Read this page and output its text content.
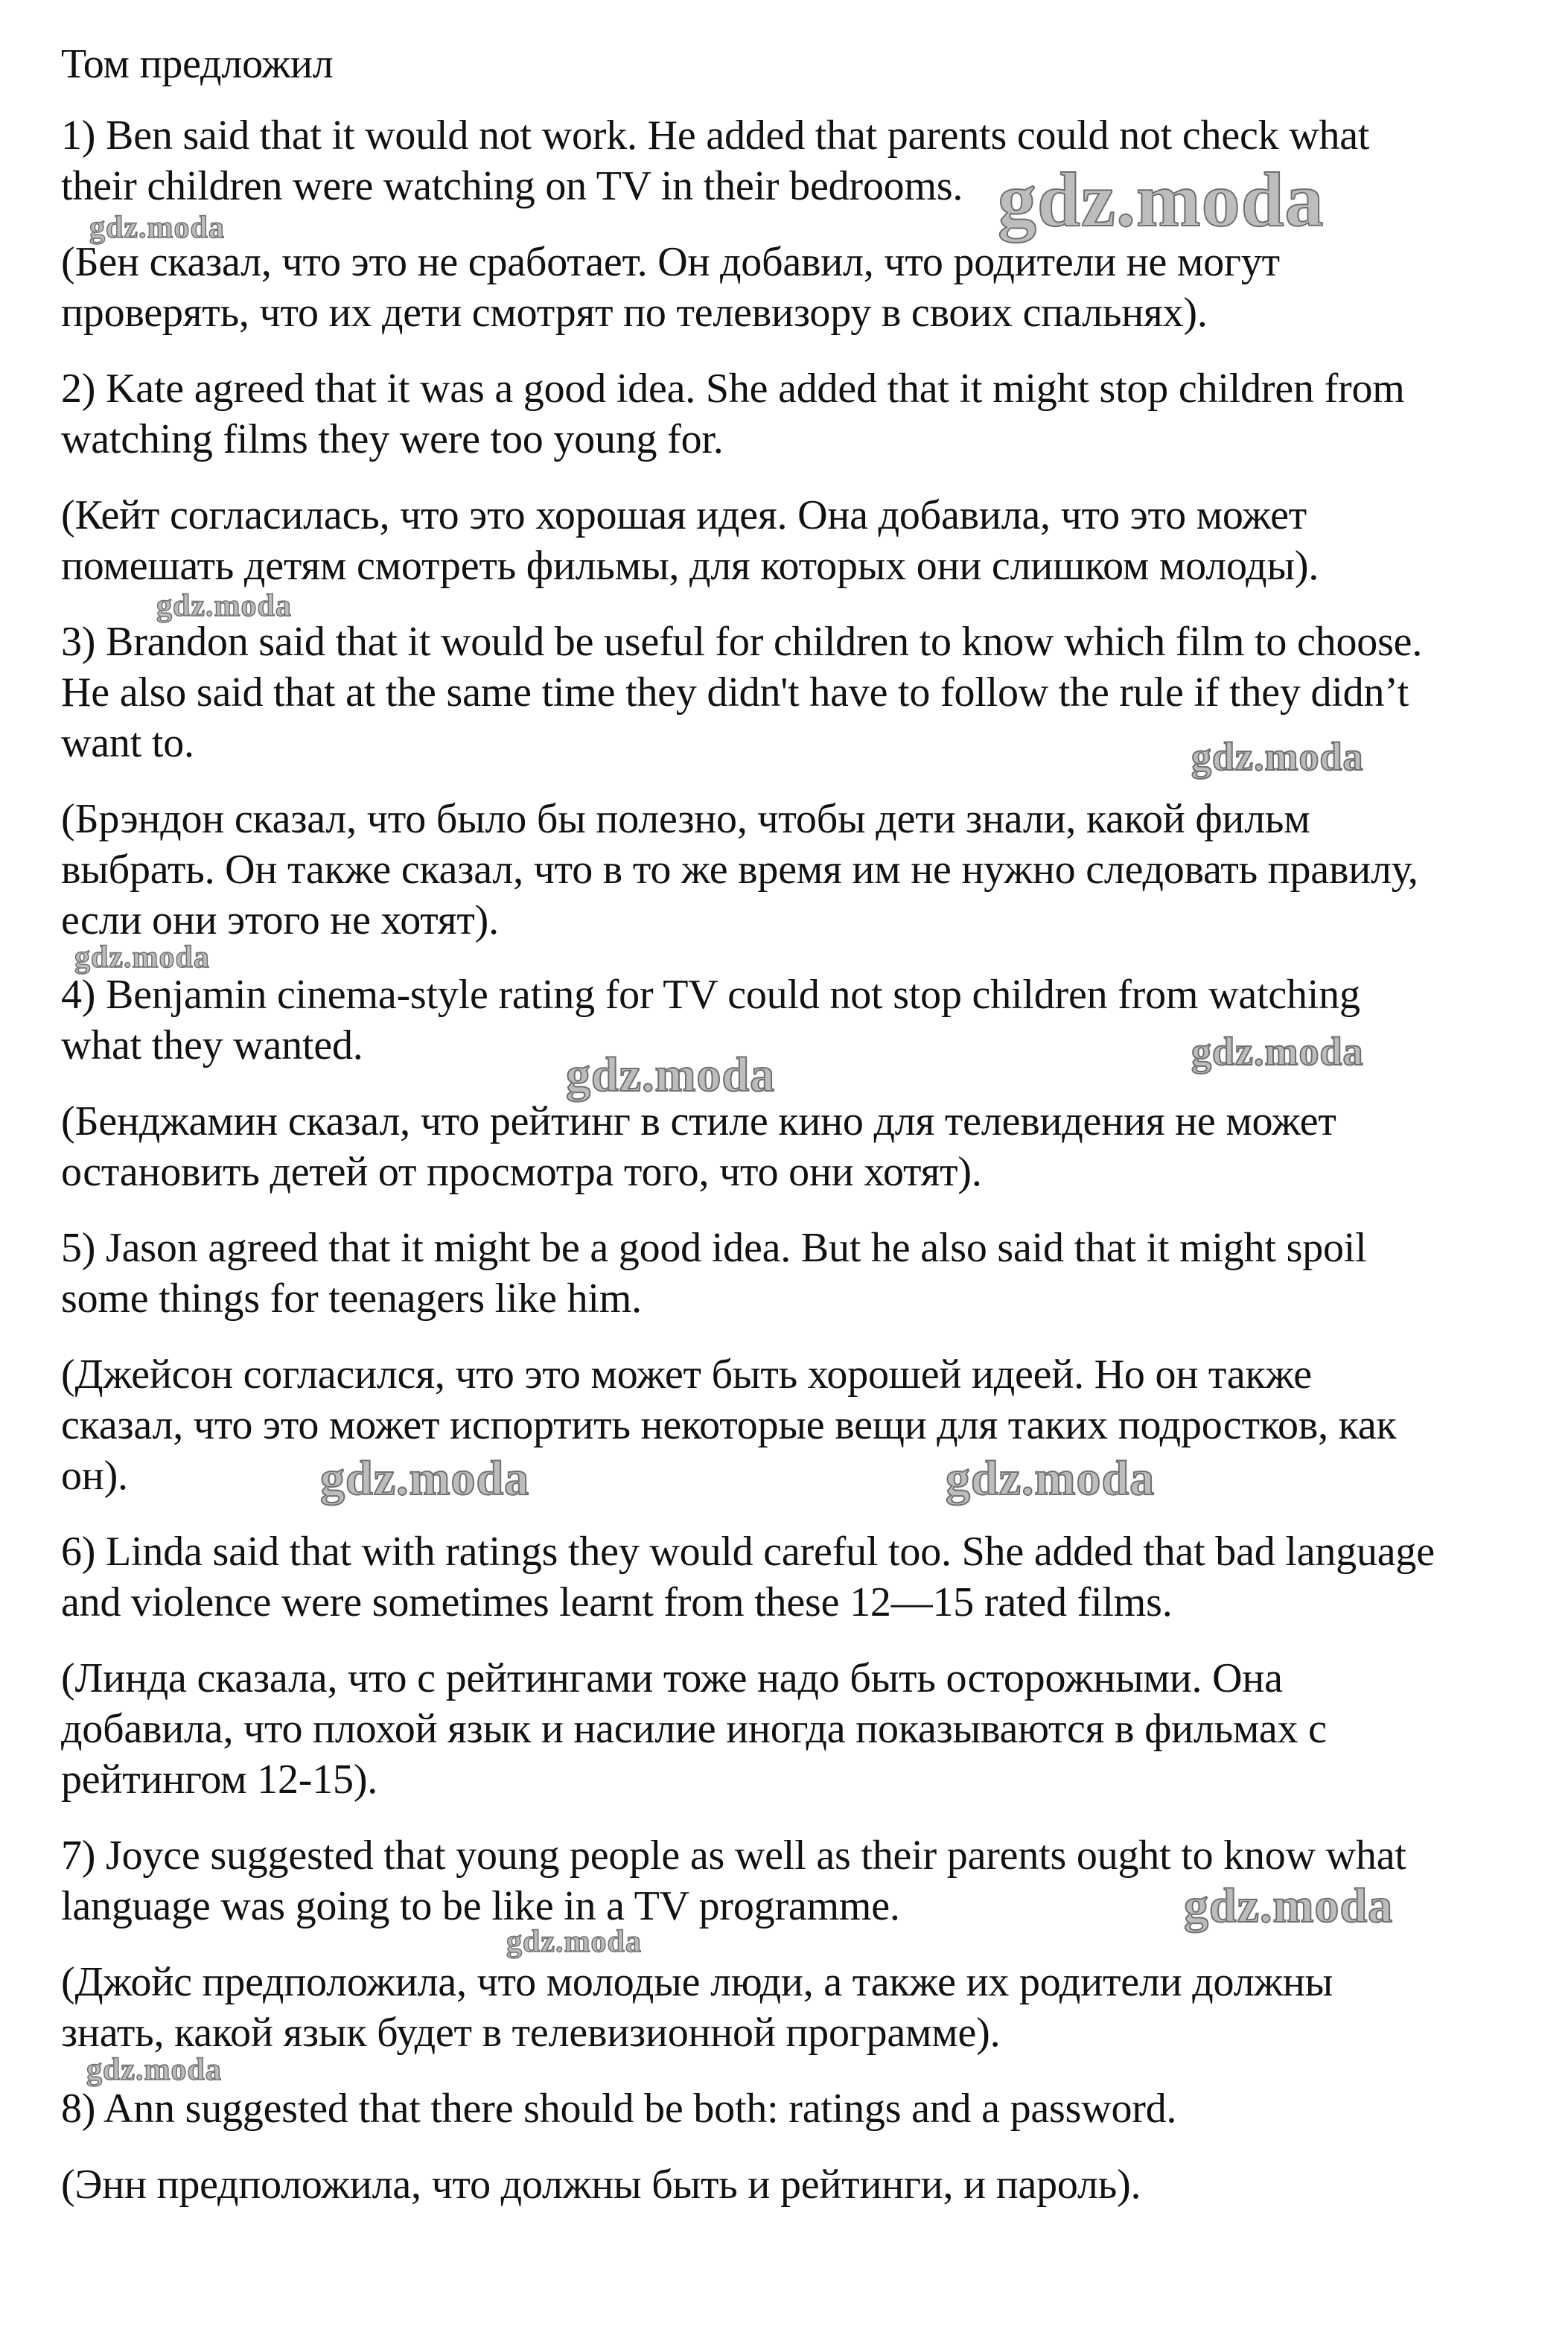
Том предложил
1) Ben said that it would not work. He added that parents could not check what
their children were watching on TV in their bedrooms.
(Бен сказал, что это не сработает. Он добавил, что родители не могут
проверять, что их дети смотрят по телевизору в своих спальнях).
2) Kate agreed that it was a good idea. She added that it might stop children from
watching films they were too young for.
(Кейт согласилась, что это хорошая идея. Она добавила, что это может
помешать детям смотреть фильмы, для которых они слишком молоды).
3) Brandon said that it would be useful for children to know which film to choose.
He also said that at the same time they didn't have to follow the rule if they didn’t
want to.
(Брэндон сказал, что было бы полезно, чтобы дети знали, какой фильм
выбрать. Он также сказал, что в то же время им не нужно следовать правилу,
если они этого не хотят).
4) Benjamin cinema-style rating for TV could not stop children from watching
what they wanted.
(Бенджамин сказал, что рейтинг в стиле кино для телевидения не может
остановить детей от просмотра того, что они хотят).
5) Jason agreed that it might be a good idea. But he also said that it might spoil
some things for teenagers like him.
(Джейсон согласился, что это может быть хорошей идеей. Но он также
сказал, что это может испортить некоторые вещи для таких подростков, как
он).
6) Linda said that with ratings they would careful too. She added that bad language
and violence were sometimes learnt from these 12—15 rated films.
(Линда сказала, что с рейтингами тоже надо быть осторожными. Она
добавила, что плохой язык и насилие иногда показываются в фильмах с
рейтингом 12-15).
7) Joyce suggested that young people as well as their parents ought to know what
language was going to be like in a TV programme.
(Джойс предположила, что молодые люди, а также их родители должны
знать, какой язык будет в телевизионной программе).
8) Ann suggested that there should be both: ratings and a password.
(Энн предположила, что должны быть и рейтинги, и пароль).
gdz.moda
gdz.moda
gdz.moda
gdz.moda
gdz.moda
gdz.moda	gdz.moda
gdz.moda	gdz.moda
gdz.moda
gdz.moda
gdz.moda
